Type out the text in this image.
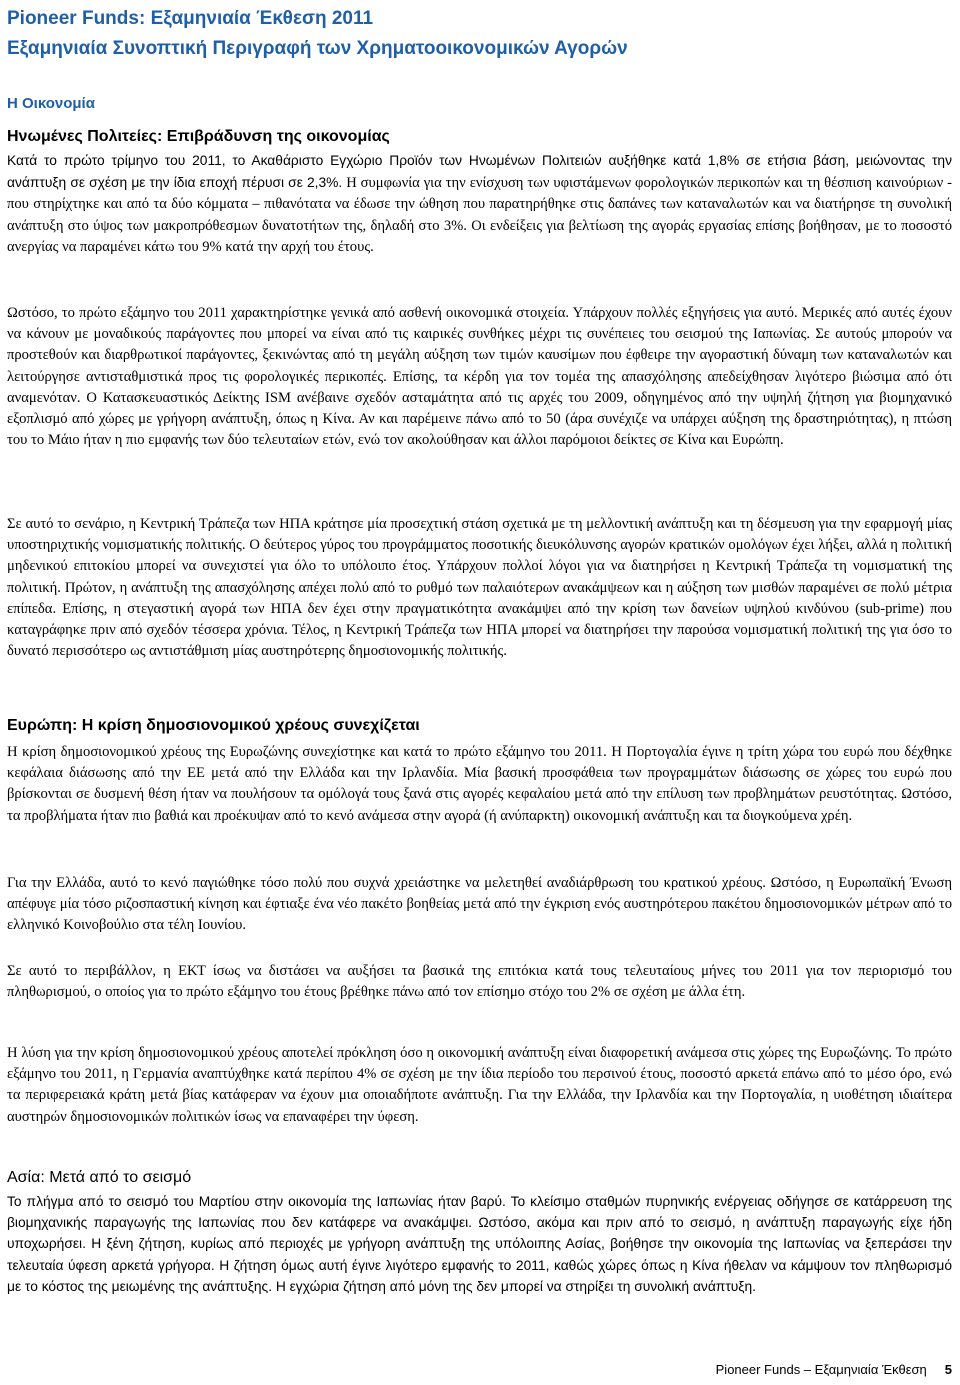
Pioneer Funds: Εξαμηνιαία Έκθεση 2011
Εξαμηνιαία Συνοπτική Περιγραφή των Χρηματοοικονομικών Αγορών
Η Οικονομία
Ηνωμένες Πολιτείες: Επιβράδυνση της οικονομίας

Κατά το πρώτο τρίμηνο του 2011, το Ακαθάριστο Εγχώριο Προϊόν των Ηνωμένων Πολιτειών αυξήθηκε κατά 1,8% σε ετήσια βάση, μειώνοντας την ανάπτυξη σε σχέση με την ίδια εποχή πέρυσι σε 2,3%. Η συμφωνία για την ενίσχυση των υφιστάμενων φορολογικών περικοπών και τη θέσπιση καινούριων - που στηρίχτηκε και από τα δύο κόμματα – πιθανότατα να έδωσε την ώθηση που παρατηρήθηκε στις δαπάνες των καταναλωτών και να διατήρησε τη συνολική ανάπτυξη στο ύψος των μακροπρόθεσμων δυνατοτήτων της, δηλαδή στο 3%. Οι ενδείξεις για βελτίωση της αγοράς εργασίας επίσης βοήθησαν, με το ποσοστό ανεργίας να παραμένει κάτω του 9% κατά την αρχή του έτους.

Ωστόσο, το πρώτο εξάμηνο του 2011 χαρακτηρίστηκε γενικά από ασθενή οικονομικά στοιχεία. Υπάρχουν πολλές εξηγήσεις για αυτό. Μερικές από αυτές έχουν να κάνουν με μοναδικούς παράγοντες που μπορεί να είναι από τις καιρικές συνθήκες μέχρι τις συνέπειες του σεισμού της Ιαπωνίας. Σε αυτούς μπορούν να προστεθούν και διαρθρωτικοί παράγοντες, ξεκινώντας από τη μεγάλη αύξηση των τιμών καυσίμων που έφθειρε την αγοραστική δύναμη των καταναλωτών και λειτούργησε αντισταθμιστικά προς τις φορολογικές περικοπές. Επίσης, τα κέρδη για τον τομέα της απασχόλησης απεδείχθησαν λιγότερο βιώσιμα από ότι αναμενόταν. Ο Κατασκευαστικός Δείκτης ISM ανέβαινε σχεδόν ασταμάτητα από τις αρχές του 2009, οδηγημένος από την υψηλή ζήτηση για βιομηχανικό εξοπλισμό από χώρες με γρήγορη ανάπτυξη, όπως η Κίνα. Αν και παρέμεινε πάνω από το 50 (άρα συνέχιζε να υπάρχει αύξηση της δραστηριότητας), η πτώση του το Μάιο ήταν η πιο εμφανής των δύο τελευταίων ετών, ενώ τον ακολούθησαν και άλλοι παρόμοιοι δείκτες σε Κίνα και Ευρώπη.

Σε αυτό το σενάριο, η Κεντρική Τράπεζα των ΗΠΑ κράτησε μία προσεχτική στάση σχετικά με τη μελλοντική ανάπτυξη και τη δέσμευση για την εφαρμογή μίας υποστηριχτικής νομισματικής πολιτικής. Ο δεύτερος γύρος του προγράμματος ποσοτικής διευκόλυνσης αγορών κρατικών ομολόγων έχει λήξει, αλλά η πολιτική μηδενικού επιτοκίου μπορεί να συνεχιστεί για όλο το υπόλοιπο έτος. Υπάρχουν πολλοί λόγοι για να διατηρήσει η Κεντρική Τράπεζα τη νομισματική της πολιτική. Πρώτον, η ανάπτυξη της απασχόλησης απέχει πολύ από το ρυθμό των παλαιότερων ανακάμψεων και η αύξηση των μισθών παραμένει σε πολύ μέτρια επίπεδα. Επίσης, η στεγαστική αγορά των ΗΠΑ δεν έχει στην πραγματικότητα ανακάμψει από την κρίση των δανείων υψηλού κινδύνου (sub-prime) που καταγράφηκε πριν από σχεδόν τέσσερα χρόνια. Τέλος, η Κεντρική Τράπεζα των ΗΠΑ μπορεί να διατηρήσει την παρούσα νομισματική πολιτική της για όσο το δυνατό περισσότερο ως αντιστάθμιση μίας αυστηρότερης δημοσιονομικής πολιτικής.

Ευρώπη: Η κρίση δημοσιονομικού χρέους συνεχίζεται

Η κρίση δημοσιονομικού χρέους της Ευρωζώνης συνεχίστηκε και κατά το πρώτο εξάμηνο του 2011. Η Πορτογαλία έγινε η τρίτη χώρα του ευρώ που δέχθηκε κεφάλαια διάσωσης από την ΕΕ μετά από την Ελλάδα και την Ιρλανδία. Μία βασική προσφάθεια των προγραμμάτων διάσωσης σε χώρες του ευρώ που βρίσκονται σε δυσμενή θέση ήταν να πουλήσουν τα ομόλογά τους ξανά στις αγορές κεφαλαίου μετά από την επίλυση των προβλημάτων ρευστότητας. Ωστόσο, τα προβλήματα ήταν πιο βαθιά και προέκυψαν από το κενό ανάμεσα στην αγορά (ή ανύπαρκτη) οικονομική ανάπτυξη και τα διογκούμενα χρέη.

Για την Ελλάδα, αυτό το κενό παγιώθηκε τόσο πολύ που συχνά χρειάστηκε να μελετηθεί αναδιάρθρωση του κρατικού χρέους. Ωστόσο, η Ευρωπαϊκή Ένωση απέφυγε μία τόσο ριζοσπαστική κίνηση και έφτιαξε ένα νέο πακέτο βοηθείας μετά από την έγκριση ενός αυστηρότερου πακέτου δημοσιονομικών μέτρων από το ελληνικό Κοινοβούλιο στα τέλη Ιουνίου.

Σε αυτό το περιβάλλον, η ΕΚΤ ίσως να διστάσει να αυξήσει τα βασικά της επιτόκια κατά τους τελευταίους μήνες του 2011 για τον περιορισμό του πληθωρισμού, ο οποίος για το πρώτο εξάμηνο του έτους βρέθηκε πάνω από τον επίσημο στόχο του 2% σε σχέση με άλλα έτη.

Η λύση για την κρίση δημοσιονομικού χρέους αποτελεί πρόκληση όσο η οικονομική ανάπτυξη είναι διαφορετική ανάμεσα στις χώρες της Ευρωζώνης. Το πρώτο εξάμηνο του 2011, η Γερμανία αναπτύχθηκε κατά περίπου 4% σε σχέση με την ίδια περίοδο του περσινού έτους, ποσοστό αρκετά επάνω από το μέσο όρο, ενώ τα περιφερειακά κράτη μετά βίας κατάφεραν να έχουν μια οποιαδήποτε ανάπτυξη. Για την Ελλάδα, την Ιρλανδία και την Πορτογαλία, η υιοθέτηση ιδιαίτερα αυστηρών δημοσιονομικών πολιτικών ίσως να επαναφέρει την ύφεση.

Ασία: Μετά από το σεισμό

Το πλήγμα από το σεισμό του Μαρτίου στην οικονομία της Ιαπωνίας ήταν βαρύ. Το κλείσιμο σταθμών πυρηνικής ενέργειας οδήγησε σε κατάρρευση της βιομηχανικής παραγωγής της Ιαπωνίας που δεν κατάφερε να ανακάμψει. Ωστόσο, ακόμα και πριν από το σεισμό, η ανάπτυξη παραγωγής είχε ήδη υποχωρήσει. Η ξένη ζήτηση, κυρίως από περιοχές με γρήγορη ανάπτυξη της υπόλοιπης Ασίας, βοήθησε την οικονομία της Ιαπωνίας να ξεπεράσει την τελευταία ύφεση αρκετά γρήγορα. Η ζήτηση όμως αυτή έγινε λιγότερο εμφανής το 2011, καθώς χώρες όπως η Κίνα ήθελαν να κάμψουν τον πληθωρισμό με το κόστος της μειωμένης της ανάπτυξης. Η εγχώρια ζήτηση από μόνη της δεν μπορεί να στηρίξει τη συνολική ανάπτυξη.

Pioneer Funds – Εξαμηνιαία Έκθεση 5
